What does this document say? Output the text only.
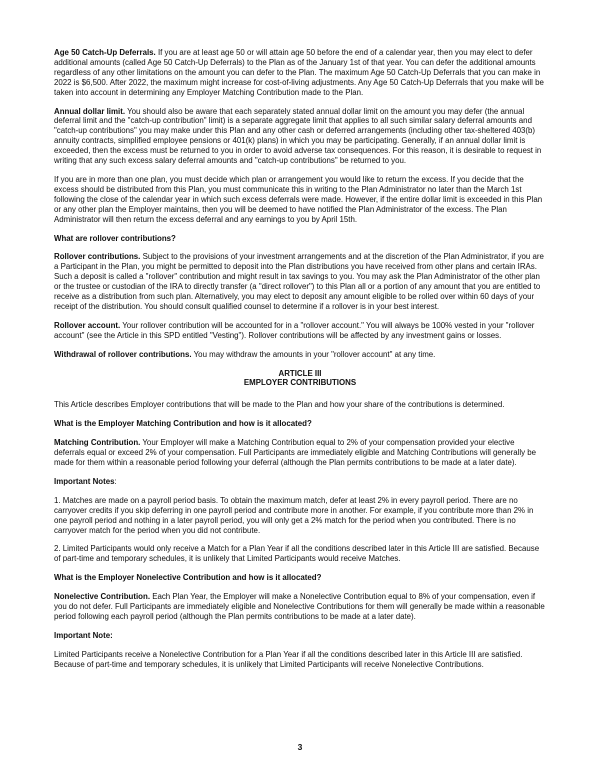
Age 50 Catch-Up Deferrals. If you are at least age 50 or will attain age 50 before the end of a calendar year, then you may elect to defer additional amounts (called Age 50 Catch-Up Deferrals) to the Plan as of the January 1st of that year. You can defer the additional amounts regardless of any other limitations on the amount you can defer to the Plan. The maximum Age 50 Catch-Up Deferrals that you can make in 2022 is $6,500. After 2022, the maximum might increase for cost-of-living adjustments. Any Age 50 Catch-Up Deferrals that you make will be taken into account in determining any Employer Matching Contribution made to the Plan.

Annual dollar limit. You should also be aware that each separately stated annual dollar limit on the amount you may defer (the annual deferral limit and the "catch-up contribution" limit) is a separate aggregate limit that applies to all such similar salary deferral amounts and "catch-up contributions" you may make under this Plan and any other cash or deferred arrangements (including other tax-sheltered 403(b) annuity contracts, simplified employee pensions or 401(k) plans) in which you may be participating. Generally, if an annual dollar limit is exceeded, then the excess must be returned to you in order to avoid adverse tax consequences. For this reason, it is desirable to request in writing that any such excess salary deferral amounts and "catch-up contributions" be returned to you.

If you are in more than one plan, you must decide which plan or arrangement you would like to return the excess. If you decide that the excess should be distributed from this Plan, you must communicate this in writing to the Plan Administrator no later than the March 1st following the close of the calendar year in which such excess deferrals were made. However, if the entire dollar limit is exceeded in this Plan or any other plan the Employer maintains, then you will be deemed to have notified the Plan Administrator of the excess. The Plan Administrator will then return the excess deferral and any earnings to you by April 15th.

What are rollover contributions?

Rollover contributions. Subject to the provisions of your investment arrangements and at the discretion of the Plan Administrator, if you are a Participant in the Plan, you might be permitted to deposit into the Plan distributions you have received from other plans and certain IRAs. Such a deposit is called a "rollover" contribution and might result in tax savings to you. You may ask the Plan Administrator of the other plan or the trustee or custodian of the IRA to directly transfer (a "direct rollover") to this Plan all or a portion of any amount that you are entitled to receive as a distribution from such plan. Alternatively, you may elect to deposit any amount eligible to be rolled over within 60 days of your receipt of the distribution. You should consult qualified counsel to determine if a rollover is in your best interest.

Rollover account. Your rollover contribution will be accounted for in a "rollover account." You will always be 100% vested in your "rollover account" (see the Article in this SPD entitled "Vesting"). Rollover contributions will be affected by any investment gains or losses.

Withdrawal of rollover contributions. You may withdraw the amounts in your "rollover account" at any time.

ARTICLE III
EMPLOYER CONTRIBUTIONS

This Article describes Employer contributions that will be made to the Plan and how your share of the contributions is determined.

What is the Employer Matching Contribution and how is it allocated?

Matching Contribution. Your Employer will make a Matching Contribution equal to 2% of your compensation provided your elective deferrals equal or exceed 2% of your compensation. Full Participants are immediately eligible and Matching Contributions will generally be made for them within a reasonable period following your deferral (although the Plan permits contributions to be made at a later date).

Important Notes:

1. Matches are made on a payroll period basis. To obtain the maximum match, defer at least 2% in every payroll period. There are no carryover credits if you skip deferring in one payroll period and contribute more in another. For example, if you contribute more than 2% in one payroll period and nothing in a later payroll period, you will only get a 2% match for the period when you contributed. There is no carryover match for the period when you did not contribute.

2. Limited Participants would only receive a Match for a Plan Year if all the conditions described later in this Article III are satisfied. Because of part-time and temporary schedules, it is unlikely that Limited Participants would receive Matches.

What is the Employer Nonelective Contribution and how is it allocated?

Nonelective Contribution. Each Plan Year, the Employer will make a Nonelective Contribution equal to 8% of your compensation, even if you do not defer. Full Participants are immediately eligible and Nonelective Contributions for them will generally be made within a reasonable period following each payroll period (although the Plan permits contributions to be made at a later date).

Important Note:

Limited Participants receive a Nonelective Contribution for a Plan Year if all the conditions described later in this Article III are satisfied. Because of part-time and temporary schedules, it is unlikely that Limited Participants will receive Nonelective Contributions.

3
